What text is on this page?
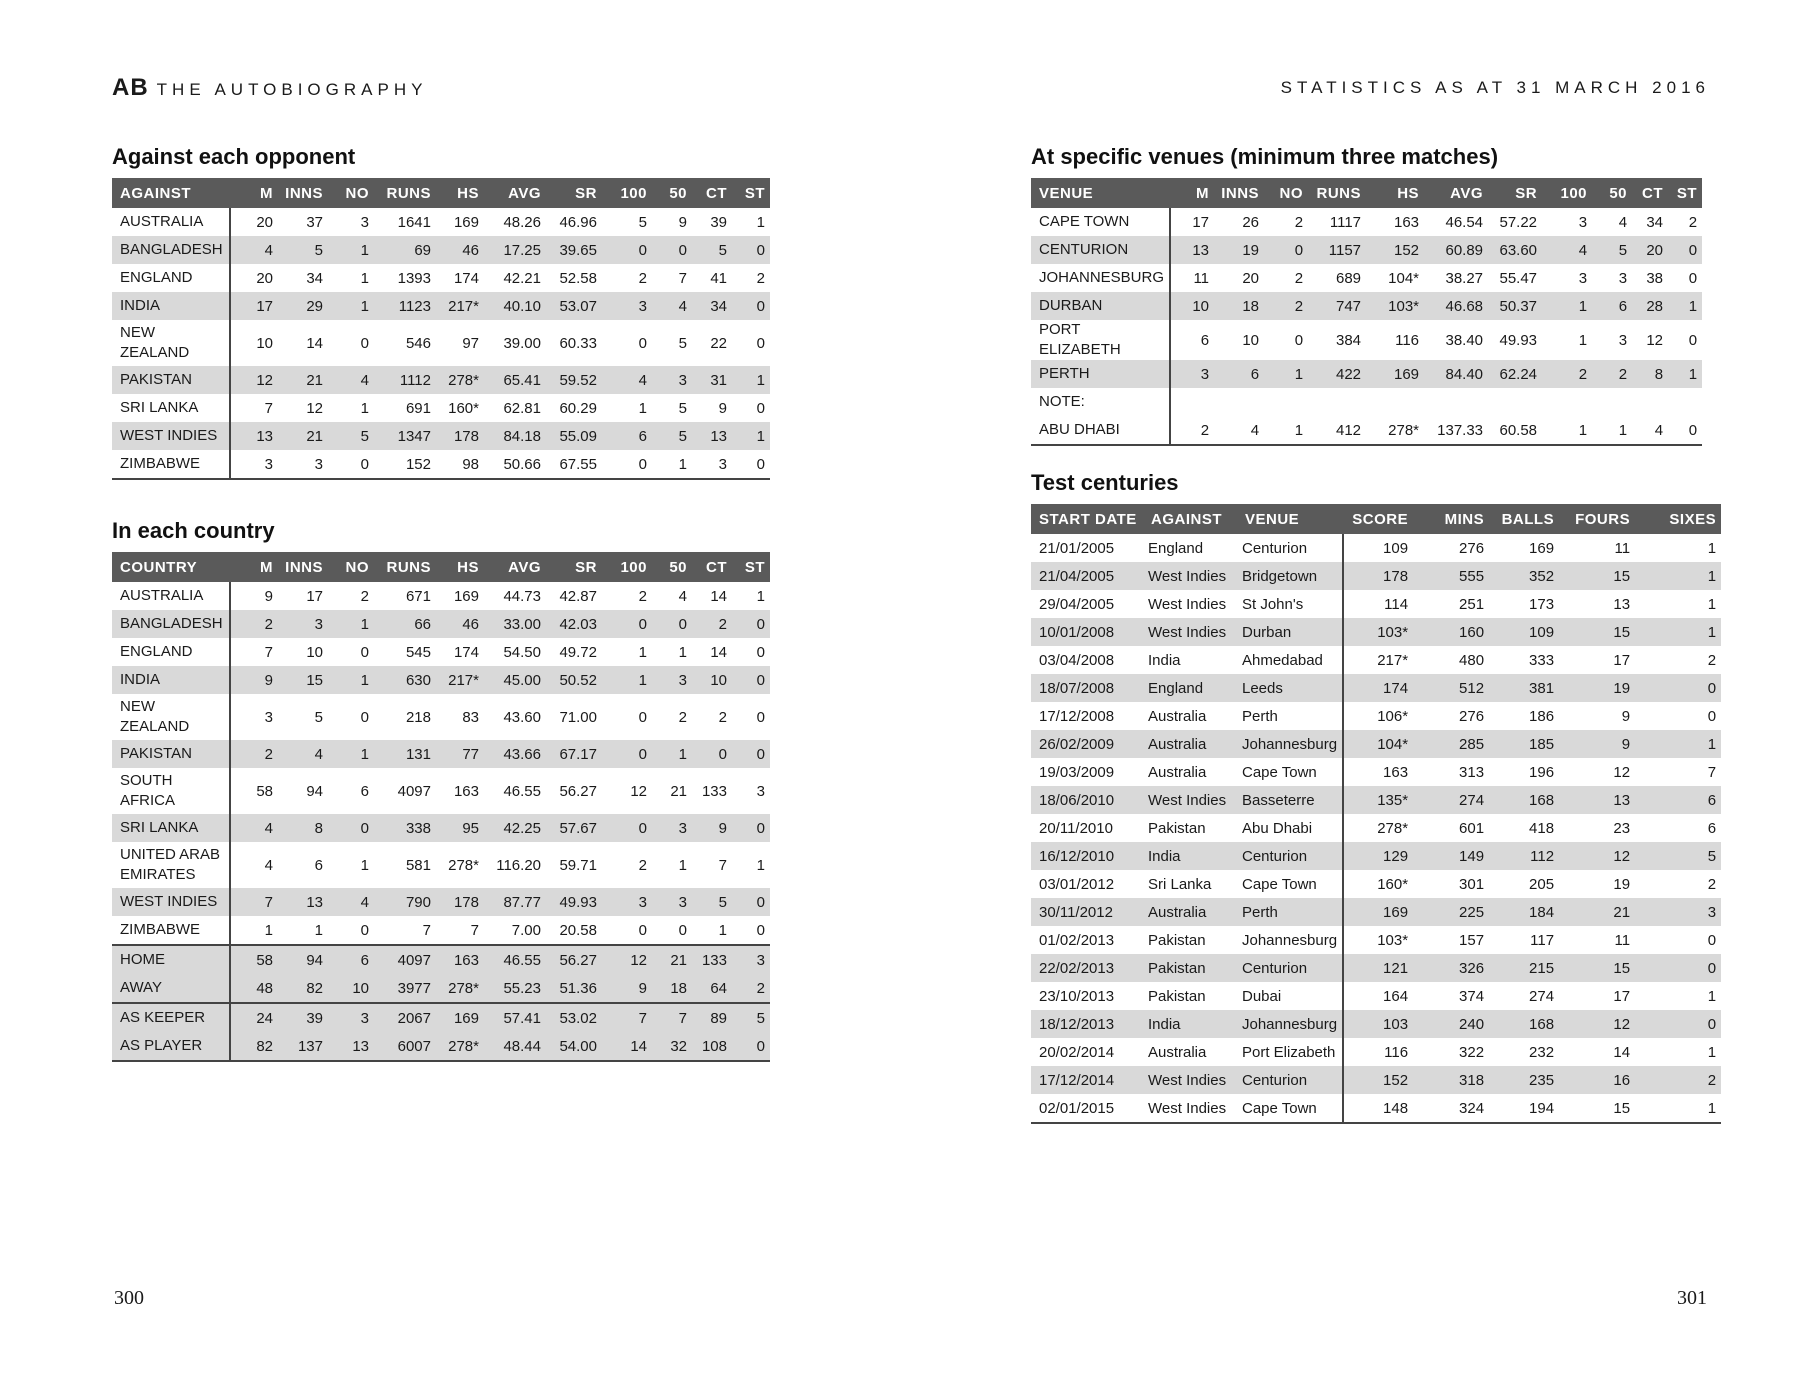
AB THE AUTOBIOGRAPHY
Against each opponent
AGAINST	M	INNS	NO	RUNS	HS	AVG	SR	100	50	CT	ST
AUSTRALIA	20	37	3	1641	169	48.26	46.96	5	9	39	1
BANGLADESH	4	5	1	69	46	17.25	39.65	0	0	5	0
ENGLAND	20	34	1	1393	174	42.21	52.58	2	7	41	2
INDIA	17	29	1	1123	217*	40.10	53.07	3	4	34	0
NEW ZEALAND	10	14	0	546	97	39.00	60.33	0	5	22	0
PAKISTAN	12	21	4	1112	278*	65.41	59.52	4	3	31	1
SRI LANKA	7	12	1	691	160*	62.81	60.29	1	5	9	0
WEST INDIES	13	21	5	1347	178	84.18	55.09	6	5	13	1
ZIMBABWE	3	3	0	152	98	50.66	67.55	0	1	3	0
In each country
COUNTRY	M	INNS	NO	RUNS	HS	AVG	SR	100	50	CT	ST
AUSTRALIA	9	17	2	671	169	44.73	42.87	2	4	14	1
BANGLADESH	2	3	1	66	46	33.00	42.03	0	0	2	0
ENGLAND	7	10	0	545	174	54.50	49.72	1	1	14	0
INDIA	9	15	1	630	217*	45.00	50.52	1	3	10	0
NEW ZEALAND	3	5	0	218	83	43.60	71.00	0	2	2	0
PAKISTAN	2	4	1	131	77	43.66	67.17	0	1	0	0
SOUTH AFRICA	58	94	6	4097	163	46.55	56.27	12	21	133	3
SRI LANKA	4	8	0	338	95	42.25	57.67	0	3	9	0
UNITED ARAB EMIRATES	4	6	1	581	278*	116.20	59.71	2	1	7	1
WEST INDIES	7	13	4	790	178	87.77	49.93	3	3	5	0
ZIMBABWE	1	1	0	7	7	7.00	20.58	0	0	1	0
HOME	58	94	6	4097	163	46.55	56.27	12	21	133	3
AWAY	48	82	10	3977	278*	55.23	51.36	9	18	64	2
AS KEEPER	24	39	3	2067	169	57.41	53.02	7	7	89	5
AS PLAYER	82	137	13	6007	278*	48.44	54.00	14	32	108	0
300
STATISTICS AS AT 31 MARCH 2016
At specific venues (minimum three matches)
VENUE	M	INNS	NO	RUNS	HS	AVG	SR	100	50	CT	ST
CAPE TOWN	17	26	2	1117	163	46.54	57.22	3	4	34	2
CENTURION	13	19	0	1157	152	60.89	63.60	4	5	20	0
JOHANNESBURG	11	20	2	689	104*	38.27	55.47	3	3	38	0
DURBAN	10	18	2	747	103*	46.68	50.37	1	6	28	1
PORT ELIZABETH	6	10	0	384	116	38.40	49.93	1	3	12	0
PERTH	3	6	1	422	169	84.40	62.24	2	2	8	1
NOTE:											
ABU DHABI	2	4	1	412	278*	137.33	60.58	1	1	4	0
Test centuries
START DATE	AGAINST	VENUE	SCORE	MINS	BALLS	FOURS	SIXES
21/01/2005	England	Centurion	109	276	169	11	1
21/04/2005	West Indies	Bridgetown	178	555	352	15	1
29/04/2005	West Indies	St John's	114	251	173	13	1
10/01/2008	West Indies	Durban	103*	160	109	15	1
03/04/2008	India	Ahmedabad	217*	480	333	17	2
18/07/2008	England	Leeds	174	512	381	19	0
17/12/2008	Australia	Perth	106*	276	186	9	0
26/02/2009	Australia	Johannesburg	104*	285	185	9	1
19/03/2009	Australia	Cape Town	163	313	196	12	7
18/06/2010	West Indies	Basseterre	135*	274	168	13	6
20/11/2010	Pakistan	Abu Dhabi	278*	601	418	23	6
16/12/2010	India	Centurion	129	149	112	12	5
03/01/2012	Sri Lanka	Cape Town	160*	301	205	19	2
30/11/2012	Australia	Perth	169	225	184	21	3
01/02/2013	Pakistan	Johannesburg	103*	157	117	11	0
22/02/2013	Pakistan	Centurion	121	326	215	15	0
23/10/2013	Pakistan	Dubai	164	374	274	17	1
18/12/2013	India	Johannesburg	103	240	168	12	0
20/02/2014	Australia	Port Elizabeth	116	322	232	14	1
17/12/2014	West Indies	Centurion	152	318	235	16	2
02/01/2015	West Indies	Cape Town	148	324	194	15	1
301
